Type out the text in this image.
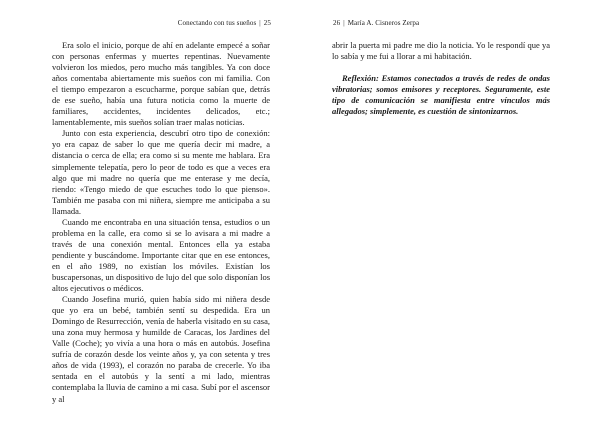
Conectando con tus sueños | 25

Era solo el inicio, porque de ahí en adelante empecé a soñar con personas enfermas y muertes repentinas. Nuevamente volvieron los miedos, pero mucho más tangibles. Ya con doce años comentaba abiertamente mis sueños con mi familia. Con el tiempo empezaron a escucharme, porque sabían que, detrás de ese sueño, había una futura noticia como la muerte de familiares, accidentes, incidentes delicados, etc.; lamentablemente, mis sueños solían traer malas noticias.

Junto con esta experiencia, descubrí otro tipo de conexión: yo era capaz de saber lo que me quería decir mi madre, a distancia o cerca de ella; era como si su mente me hablara. Era simplemente telepatía, pero lo peor de todo es que a veces era algo que mi madre no quería que me enterase y me decía, riendo: «Tengo miedo de que escuches todo lo que pienso». También me pasaba con mi niñera, siempre me anticipaba a su llamada.

Cuando me encontraba en una situación tensa, estudios o un problema en la calle, era como si se lo avisara a mi madre a través de una conexión mental. Entonces ella ya estaba pendiente y buscándome. Importante citar que en ese entonces, en el año 1989, no existían los móviles. Existían los buscapersonas, un dispositivo de lujo del que solo disponían los altos ejecutivos o médicos.

Cuando Josefina murió, quien había sido mi niñera desde que yo era un bebé, también sentí su despedida. Era un Domingo de Resurrección, venía de haberla visitado en su casa, una zona muy hermosa y humilde de Caracas, los Jardines del Valle (Coche); yo vivía a una hora o más en autobús. Josefina sufría de corazón desde los veinte años y, ya con setenta y tres años de vida (1993), el corazón no paraba de crecerle. Yo iba sentada en el autobús y la sentí a mi lado, mientras contemplaba la lluvia de camino a mi casa. Subí por el ascensor y al

26 | María A. Cisneros Zerpa

abrir la puerta mi padre me dio la noticia. Yo le respondí que ya lo sabía y me fui a llorar a mi habitación.

Reflexión: Estamos conectados a través de redes de ondas vibratorias; somos emisores y receptores. Seguramente, este tipo de comunicación se manifiesta entre vínculos más allegados; simplemente, es cuestión de sintonizarnos.
